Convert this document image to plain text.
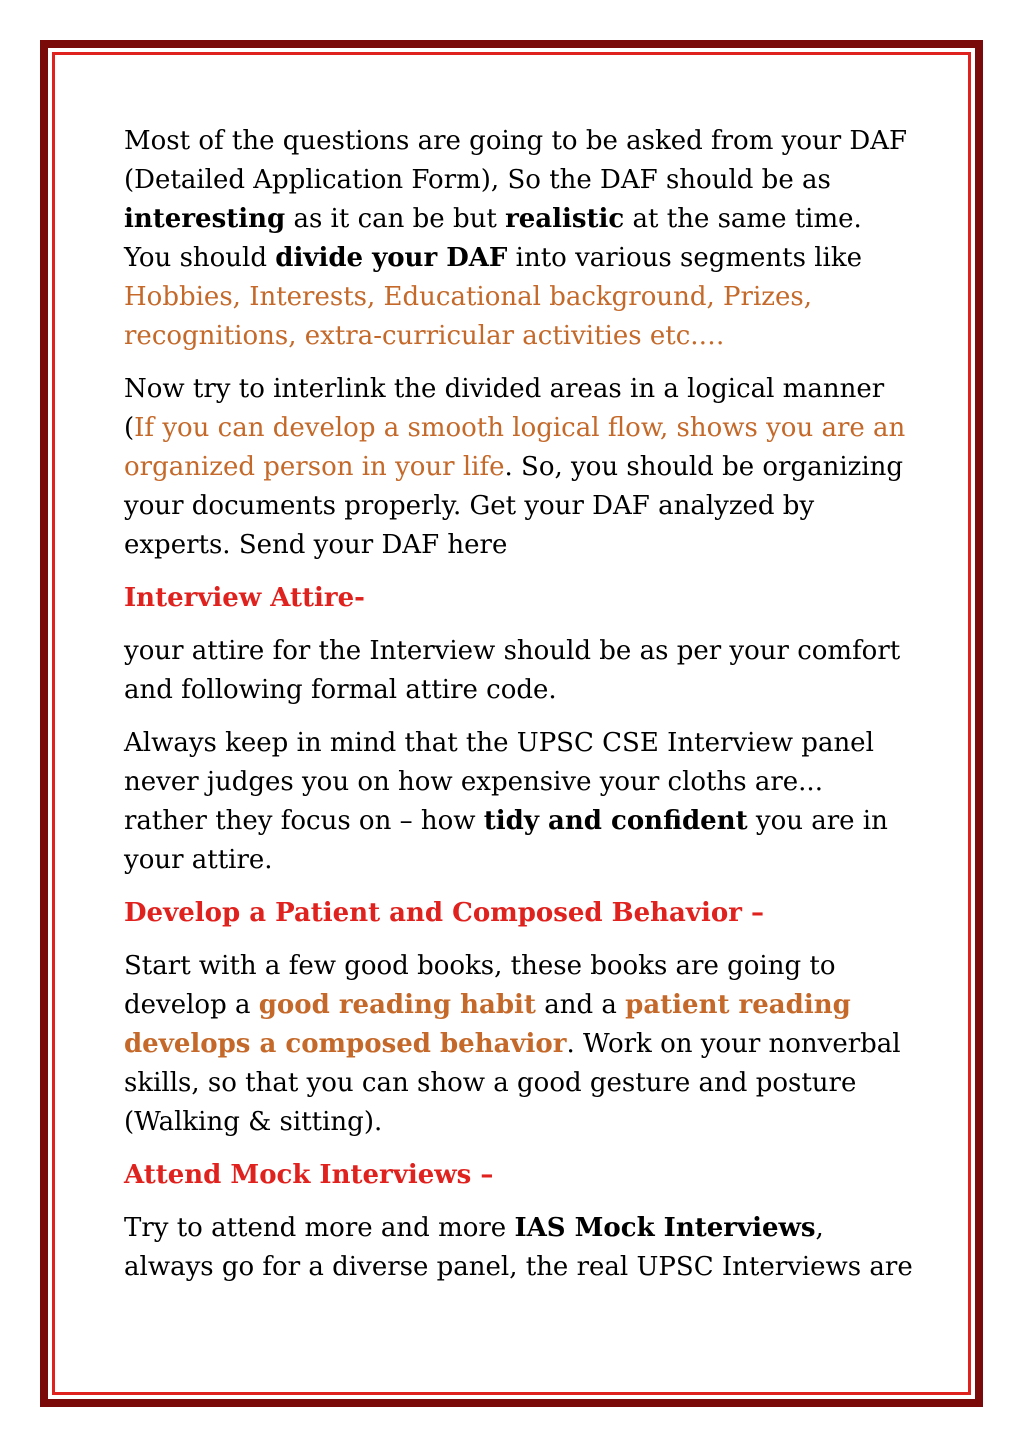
Most of the questions are going to be asked from your DAF (Detailed Application Form), So the DAF should be as interesting as it can be but realistic at the same time. You should divide your DAF into various segments like Hobbies, Interests, Educational background, Prizes, recognitions, extra-curricular activities etc.…

Now try to interlink the divided areas in a logical manner (If you can develop a smooth logical flow, shows you are an organized person in your life. So, you should be organizing your documents properly. Get your DAF analyzed by experts. Send your DAF here

Interview Attire-

your attire for the Interview should be as per your comfort and following formal attire code.

Always keep in mind that the UPSC CSE Interview panel never judges you on how expensive your cloths are... rather they focus on – how tidy and confident you are in your attire.

Develop a Patient and Composed Behavior –

Start with a few good books, these books are going to develop a good reading habit and a patient reading develops a composed behavior. Work on your nonverbal skills, so that you can show a good gesture and posture (Walking & sitting).

Attend Mock Interviews –

Try to attend more and more IAS Mock Interviews, always go for a diverse panel, the real UPSC Interviews are
